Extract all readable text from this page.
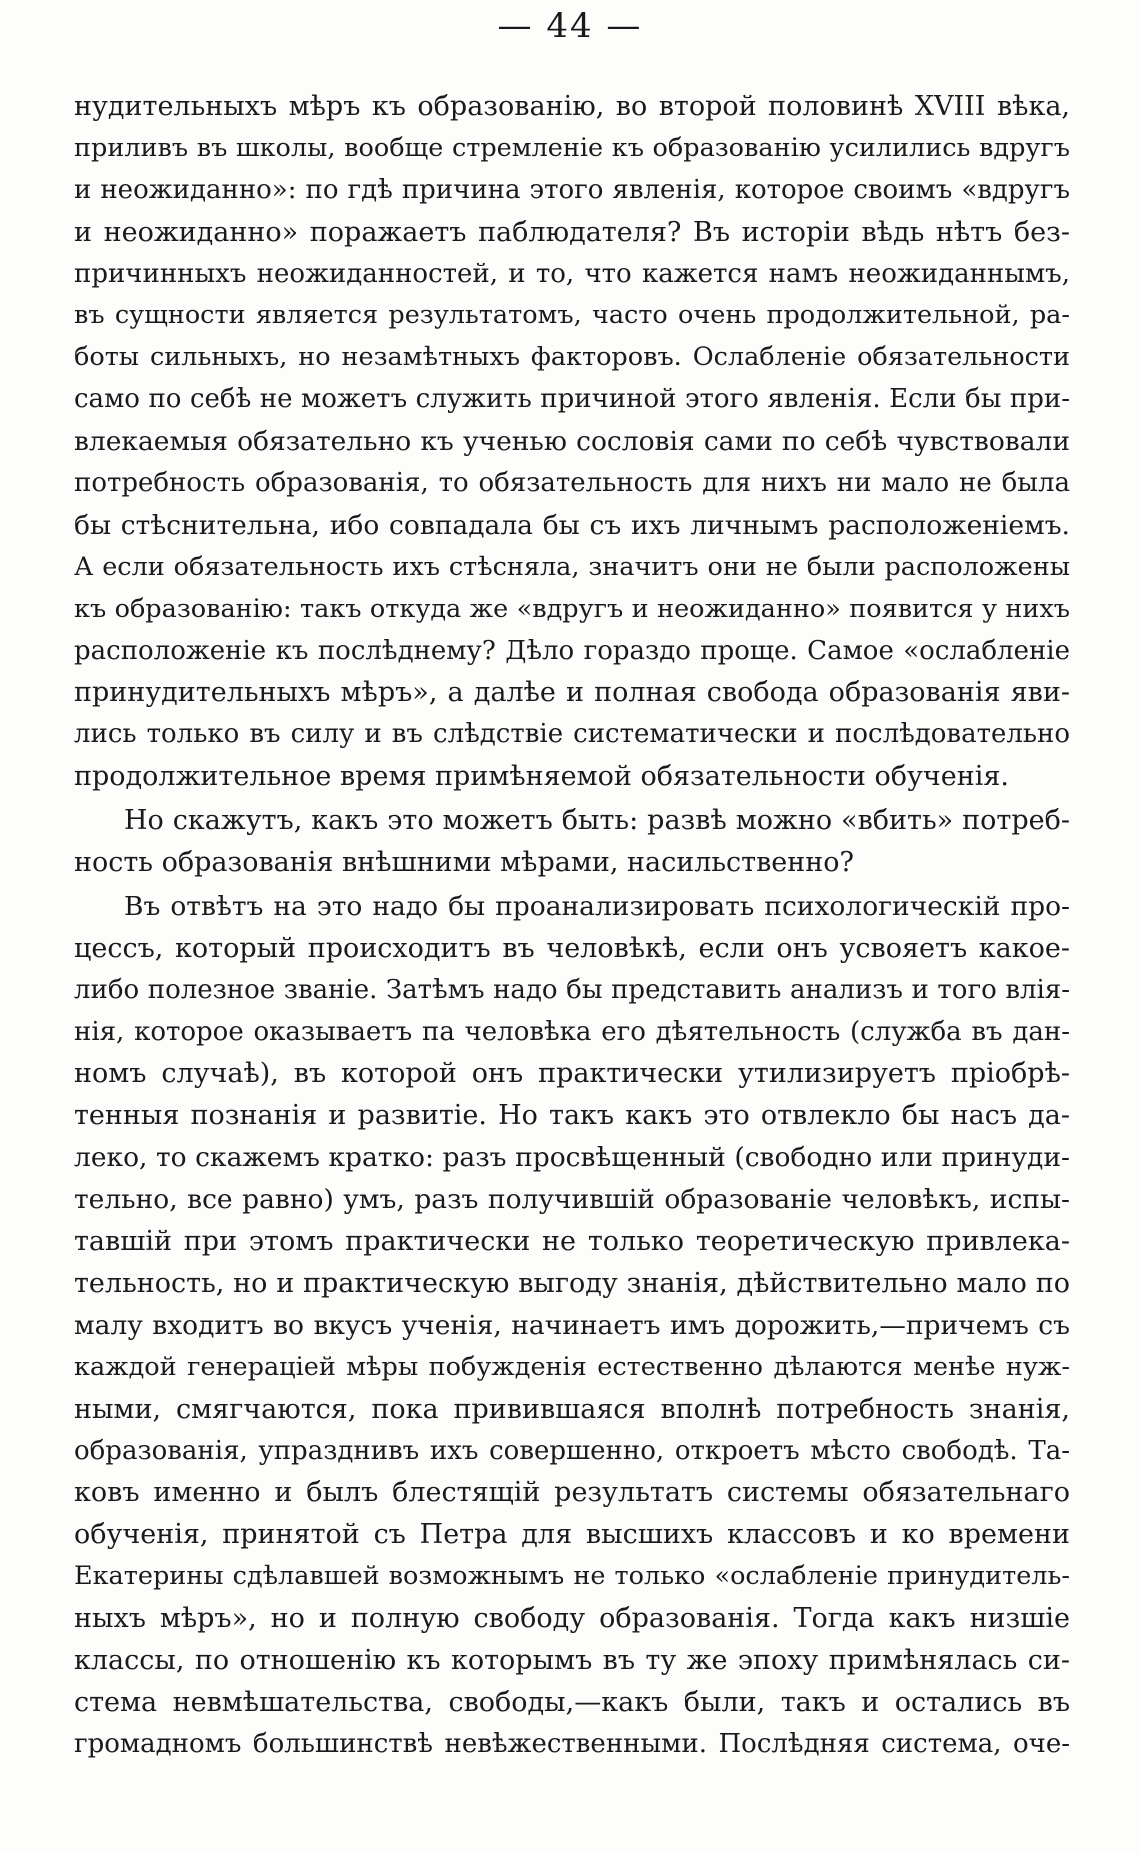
— 44 —
нудительныхъ мѣръ къ образованію, во второй половинѣ XVIII вѣка,
приливъ въ школы, вообще стремленіе къ образованію усилились вдругъ
и неожиданно»: по гдѣ причина этого явленія, которое своимъ «вдругъ
и неожиданно» поражаетъ паблюдателя? Въ исторіи вѣдь нѣтъ без-
причинныхъ неожиданностей, и то, что кажется намъ неожиданнымъ,
въ сущности является результатомъ, часто очень продолжительной, ра-
боты сильныхъ, но незамѣтныхъ факторовъ. Ослабленіе обязательности
само по себѣ не можетъ служить причиной этого явленія. Если бы при-
влекаемыя обязательно къ ученью сословія сами по себѣ чувствовали
потребность образованія, то обязательность для нихъ ни мало не была
бы стѣснительна, ибо совпадала бы съ ихъ личнымъ расположеніемъ.
А если обязательность ихъ стѣсняла, значитъ они не были расположены
къ образованію: такъ откуда же «вдругъ и неожиданно» появится у нихъ
расположеніе къ послѣднему? Дѣло гораздо проще. Самое «ослабленіе
принудительныхъ мѣръ», а далѣе и полная свобода образованія яви-
лись только въ силу и въ слѣдствіе систематически и послѣдовательно
продолжительное время примѣняемой обязательности обученія.
Но скажутъ, какъ это можетъ быть: развѣ можно «вбить» потреб-
ность образованія внѣшними мѣрами, насильственно?
Въ отвѣтъ на это надо бы проанализировать психологическій про-
цессъ, который происходитъ въ человѣкѣ, если онъ усвояетъ какое-
либо полезное званіе. Затѣмъ надо бы представить анализъ и того влія-
нія, которое оказываетъ па человѣка его дѣятельность (служба въ дан-
номъ случаѣ), въ которой онъ практически утилизируетъ пріобрѣ-
тенныя познанія и развитіе. Но такъ какъ это отвлекло бы насъ да-
леко, то скажемъ кратко: разъ просвѣщенный (свободно или принуди-
тельно, все равно) умъ, разъ получившій образованіе человѣкъ, испы-
тавшій при этомъ практически не только теоретическую привлека-
тельность, но и практическую выгоду знанія, дѣйствительно мало по
малу входитъ во вкусъ ученія, начинаетъ имъ дорожить,—причемъ съ
каждой генераціей мѣры побужденія естественно дѣлаются менѣе нуж-
ными, смягчаются, пока привившаяся вполнѣ потребность знанія,
образованія, упразднивъ ихъ совершенно, откроетъ мѣсто свободѣ. Та-
ковъ именно и былъ блестящій результатъ системы обязательнаго
обученія, принятой съ Петра для высшихъ классовъ и ко времени
Екатерины сдѣлавшей возможнымъ не только «ослабленіе принудитель-
ныхъ мѣръ», но и полную свободу образованія. Тогда какъ низшіе
классы, по отношенію къ которымъ въ ту же эпоху примѣнялась си-
стема невмѣшательства, свободы,—какъ были, такъ и остались въ
громадномъ большинствѣ невѣжественными. Послѣдняя система, оче-
